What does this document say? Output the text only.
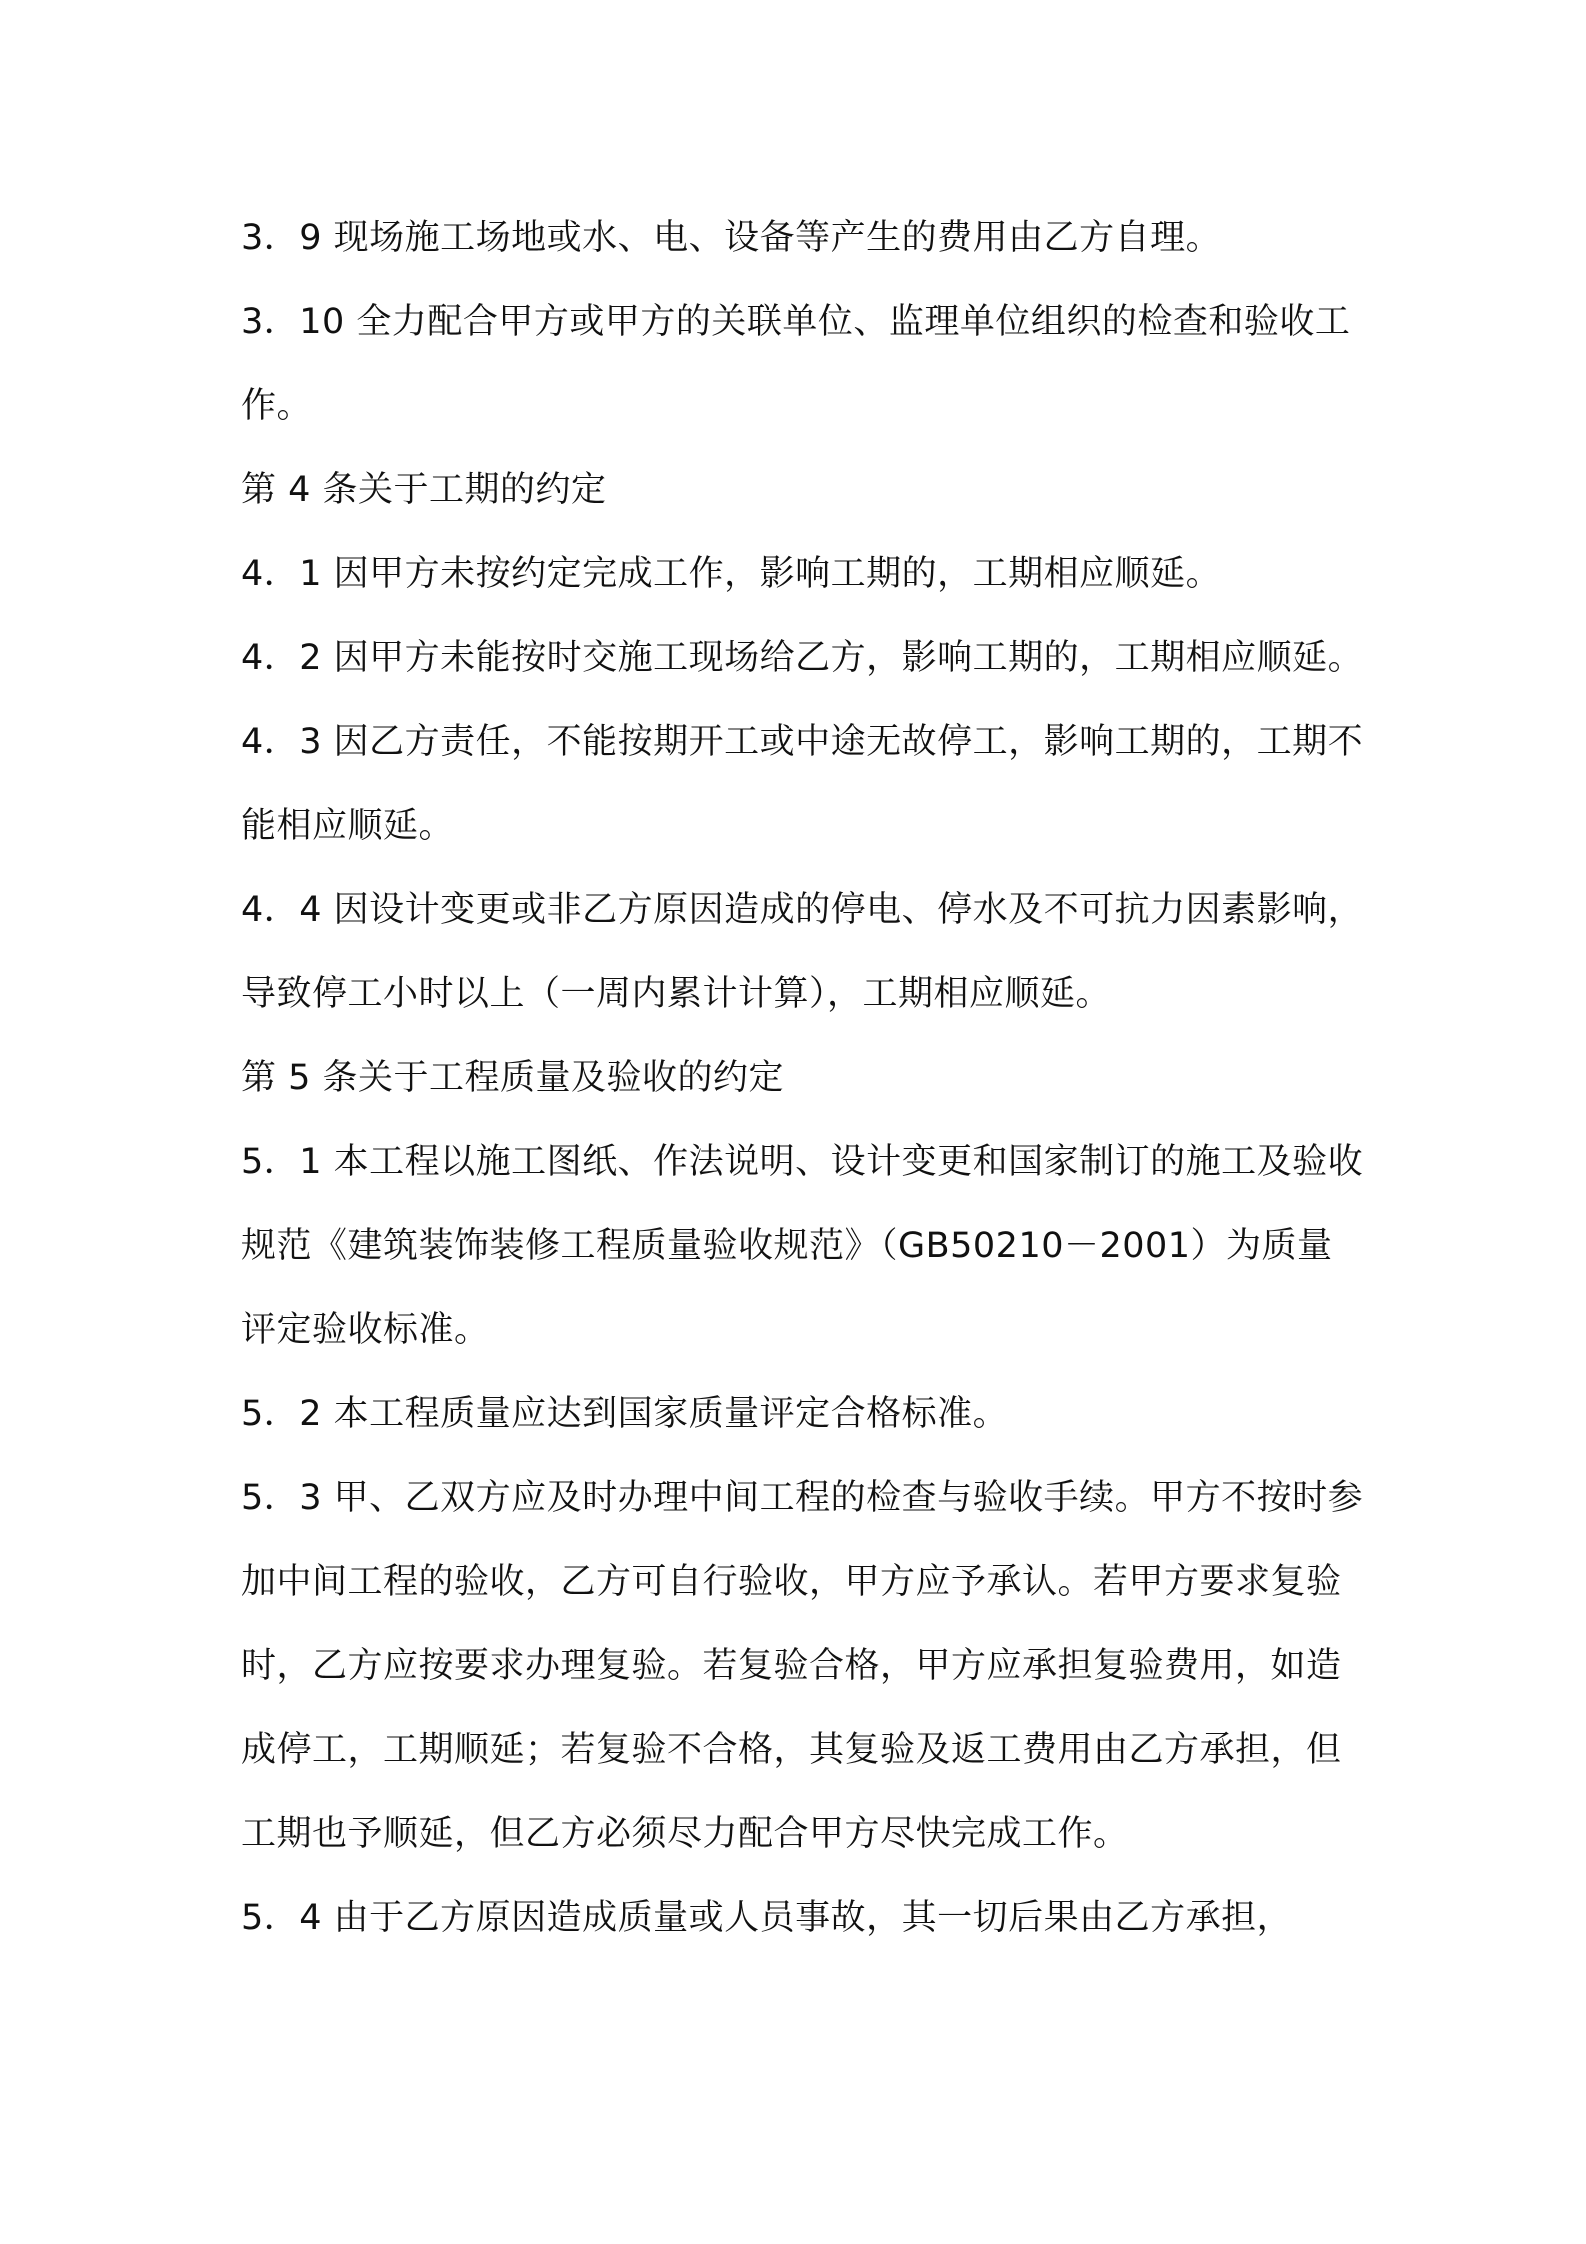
3．9 现场施工场地或水、电、设备等产生的费用由乙方自理。

3．10 全力配合甲方或甲方的关联单位、监理单位组织的检查和验收工作。

第 4 条关于工期的约定

4．1 因甲方未按约定完成工作，影响工期的，工期相应顺延。

4．2 因甲方未能按时交施工现场给乙方，影响工期的，工期相应顺延。

4．3 因乙方责任，不能按期开工或中途无故停工，影响工期的，工期不能相应顺延。

4．4 因设计变更或非乙方原因造成的停电、停水及不可抗力因素影响，导致停工小时以上（一周内累计计算），工期相应顺延。

第 5 条关于工程质量及验收的约定

5．1 本工程以施工图纸、作法说明、设计变更和国家制订的施工及验收规范《建筑装饰装修工程质量验收规范》（GB50210－2001）为质量评定验收标准。

5．2 本工程质量应达到国家质量评定合格标准。

5．3 甲、乙双方应及时办理中间工程的检查与验收手续。甲方不按时参加中间工程的验收，乙方可自行验收，甲方应予承认。若甲方要求复验时，乙方应按要求办理复验。若复验合格，甲方应承担复验费用，如造成停工，工期顺延；若复验不合格，其复验及返工费用由乙方承担，但工期也予顺延，但乙方必须尽力配合甲方尽快完成工作。

5．4 由于乙方原因造成质量或人员事故，其一切后果由乙方承担，
